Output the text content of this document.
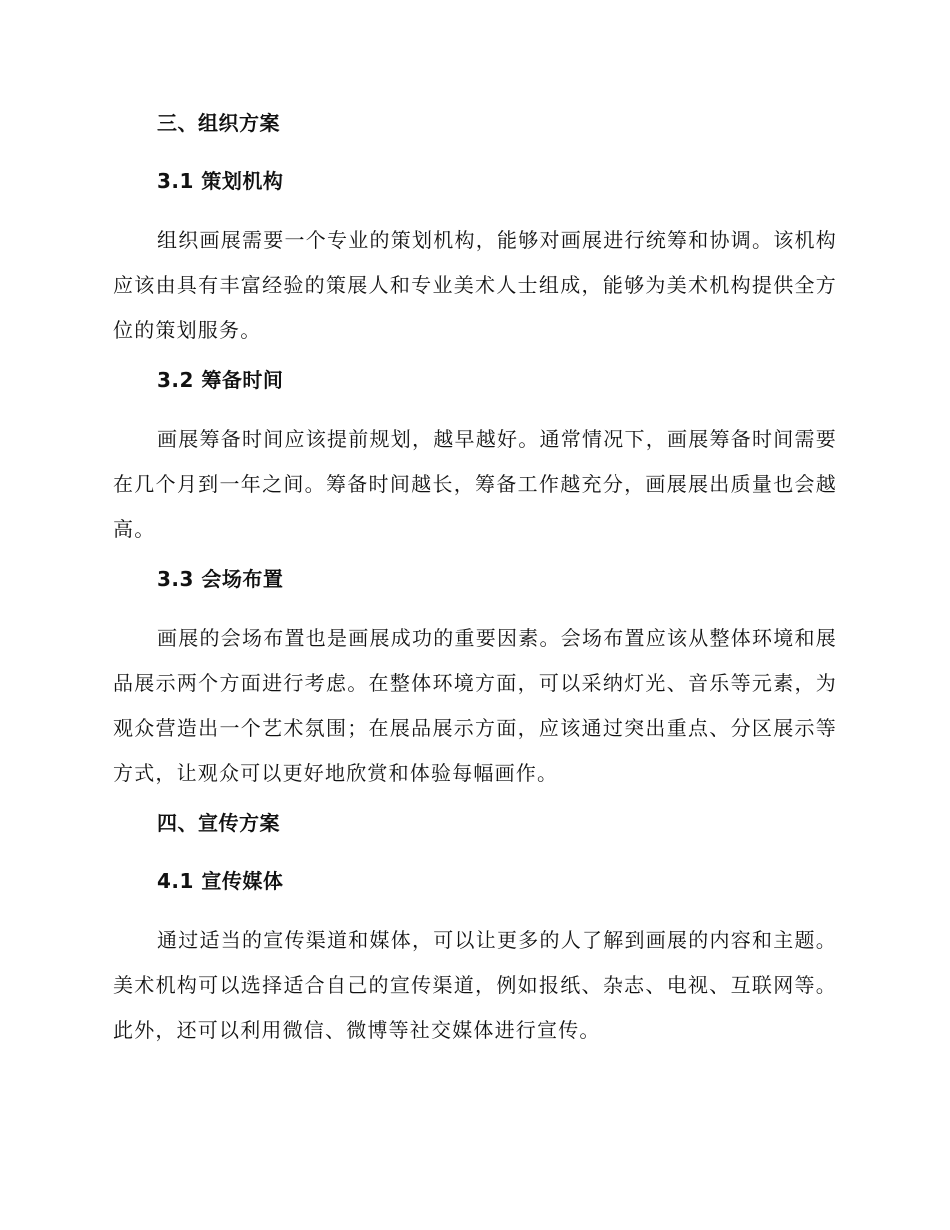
三、组织方案
3.1 策划机构

组织画展需要一个专业的策划机构，能够对画展进行统筹和协调。该机构应该由具有丰富经验的策展人和专业美术人士组成，能够为美术机构提供全方位的策划服务。

3.2 筹备时间

画展筹备时间应该提前规划，越早越好。通常情况下，画展筹备时间需要在几个月到一年之间。筹备时间越长，筹备工作越充分，画展展出质量也会越高。

3.3 会场布置

画展的会场布置也是画展成功的重要因素。会场布置应该从整体环境和展品展示两个方面进行考虑。在整体环境方面，可以采纳灯光、音乐等元素，为观众营造出一个艺术氛围；在展品展示方面，应该通过突出重点、分区展示等方式，让观众可以更好地欣赏和体验每幅画作。

四、宣传方案
4.1 宣传媒体

通过适当的宣传渠道和媒体，可以让更多的人了解到画展的内容和主题。美术机构可以选择适合自己的宣传渠道，例如报纸、杂志、电视、互联网等。此外，还可以利用微信、微博等社交媒体进行宣传。
